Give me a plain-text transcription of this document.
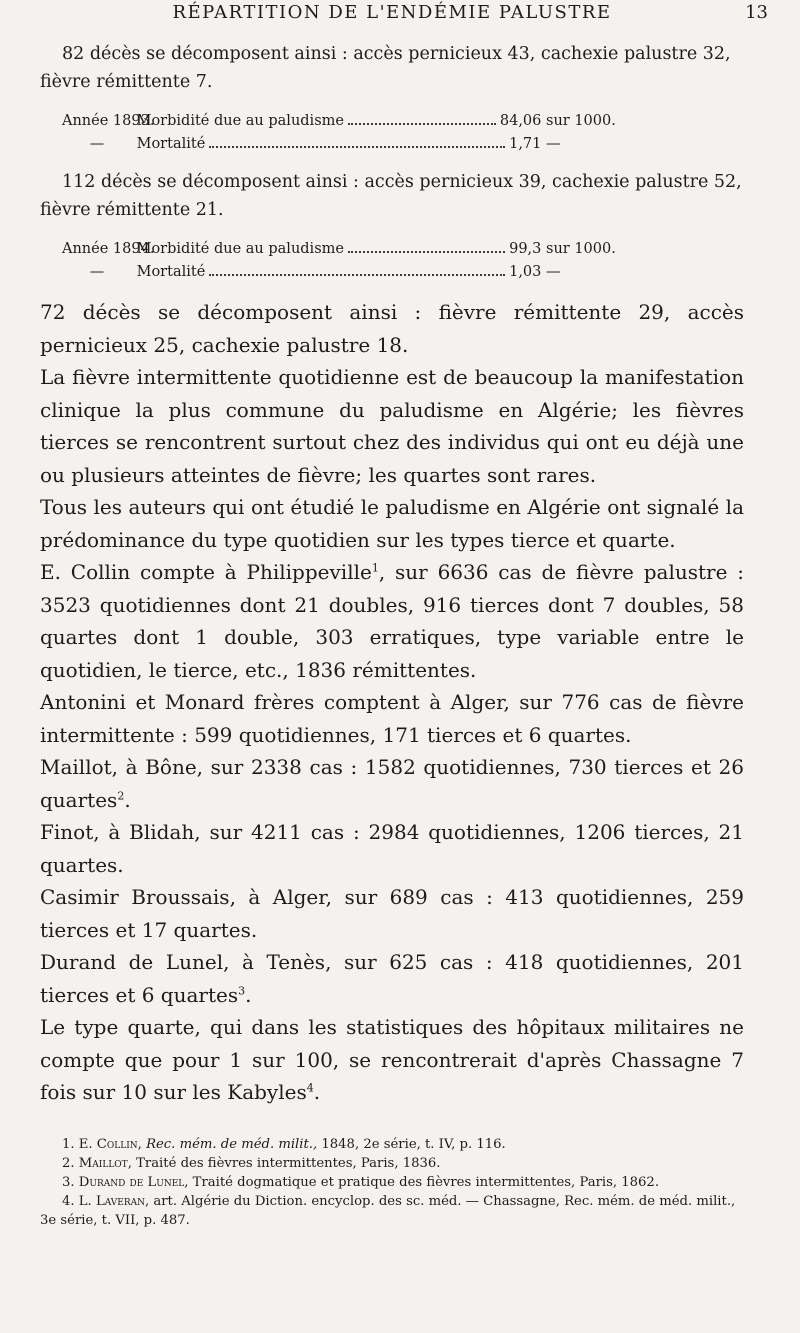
RÉPARTITION DE L'ENDÉMIE PALUSTRE	13

82 décès se décomposent ainsi : accès pernicieux 43, cachexie palustre 32, fièvre rémittente 7.

Année 1893. Morbidité due au paludisme	84,06 sur 1000.
— Mortalité	1,71 —

112 décès se décomposent ainsi : accès pernicieux 39, cachexie palustre 52, fièvre rémittente 21.

Année 1894. Morbidité due au paludisme	99,3 sur 1000.
— Mortalité	1,03 —

72 décès se décomposent ainsi : fièvre rémittente 29, accès pernicieux 25, cachexie palustre 18.

La fièvre intermittente quotidienne est de beaucoup la manifestation clinique la plus commune du paludisme en Algérie; les fièvres tierces se rencontrent surtout chez des individus qui ont eu déjà une ou plusieurs atteintes de fièvre; les quartes sont rares.

Tous les auteurs qui ont étudié le paludisme en Algérie ont signalé la prédominance du type quotidien sur les types tierce et quarte.

E. Collin compte à Philippeville$^1$, sur 6636 cas de fièvre palustre : 3523 quotidiennes dont 21 doubles, 916 tierces dont 7 doubles, 58 quartes dont 1 double, 303 erratiques, type variable entre le quotidien, le tierce, etc., 1836 rémittentes.

Antonini et Monard frères comptent à Alger, sur 776 cas de fièvre intermittente : 599 quotidiennes, 171 tierces et 6 quartes.

Maillot, à Bône, sur 2338 cas : 1582 quotidiennes, 730 tierces et 26 quartes$^2$.

Finot, à Blidah, sur 4211 cas : 2984 quotidiennes, 1206 tierces, 21 quartes.

Casimir Broussais, à Alger, sur 689 cas : 413 quotidiennes, 259 tierces et 17 quartes.

Durand de Lunel, à Tenès, sur 625 cas : 418 quotidiennes, 201 tierces et 6 quartes$^3$.

Le type quarte, qui dans les statistiques des hôpitaux militaires ne compte que pour 1 sur 100, se rencontrerait d'après Chassagne 7 fois sur 10 sur les Kabyles$^4$.

1. E. Collin, Rec. mém. de méd. milit., 1848, 2e série, t. IV, p. 116.

2. Maillot, Traité des fièvres intermittentes, Paris, 1836.

3. Durand de Lunel, Traité dogmatique et pratique des fièvres intermittentes, Paris, 1862.

4. L. Laveran, art. Algérie du Diction. encyclop. des sc. méd. — Chassagne, Rec. mém. de méd. milit., 3e série, t. VII, p. 487.
